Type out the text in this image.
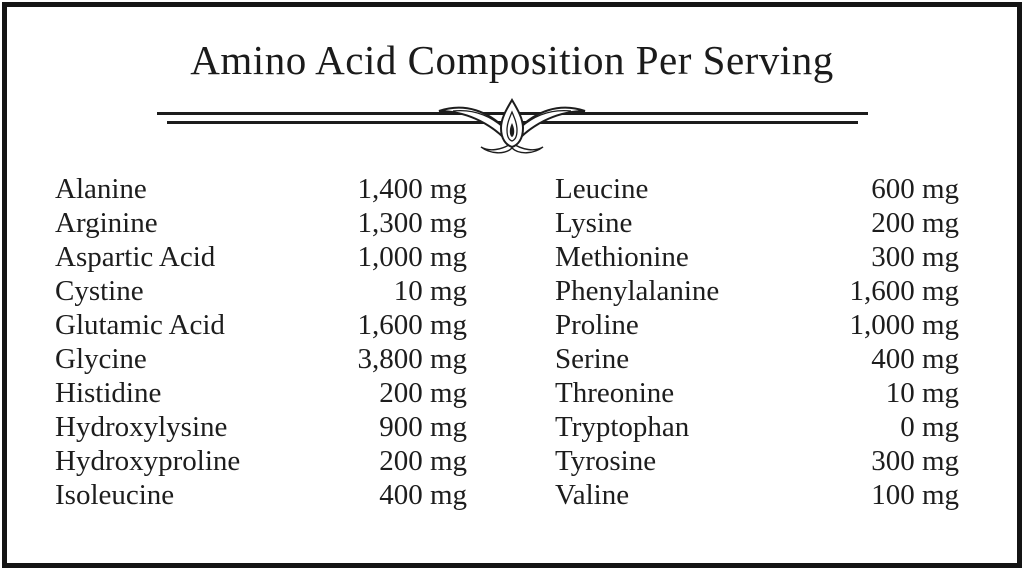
Amino Acid Composition Per Serving
Alanine	1,400 mg
Arginine	1,300 mg
Aspartic Acid	1,000 mg
Cystine	10 mg
Glutamic Acid	1,600 mg
Glycine	3,800 mg
Histidine	200 mg
Hydroxylysine	900 mg
Hydroxyproline	200 mg
Isoleucine	400 mg
Leucine	600 mg
Lysine	200 mg
Methionine	300 mg
Phenylalanine	1,600 mg
Proline	1,000 mg
Serine	400 mg
Threonine	10 mg
Tryptophan	0 mg
Tyrosine	300 mg
Valine	100 mg
